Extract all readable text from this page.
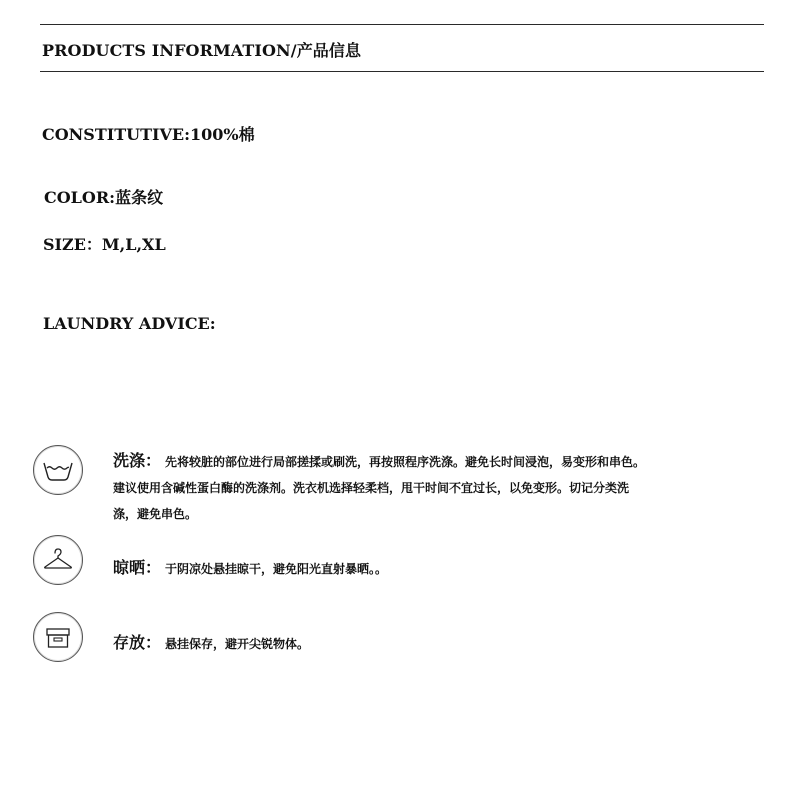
PRODUCTS INFORMATION/产品信息
CONSTITUTIVE:100%棉
COLOR:蓝条纹
SIZE：M,L,XL
LAUNDRY ADVICE:
洗涤： 先将较脏的部位进行局部搓揉或刷洗，再按照程序洗涤。避免长时间浸泡，易变形和串色。
建议使用含碱性蛋白酶的洗涤剂。洗衣机选择轻柔档，甩干时间不宜过长，以免变形。切记分类洗
涤，避免串色。
晾晒： 于阴凉处悬挂晾干，避免阳光直射暴晒。。
存放： 悬挂保存，避开尖锐物体。
